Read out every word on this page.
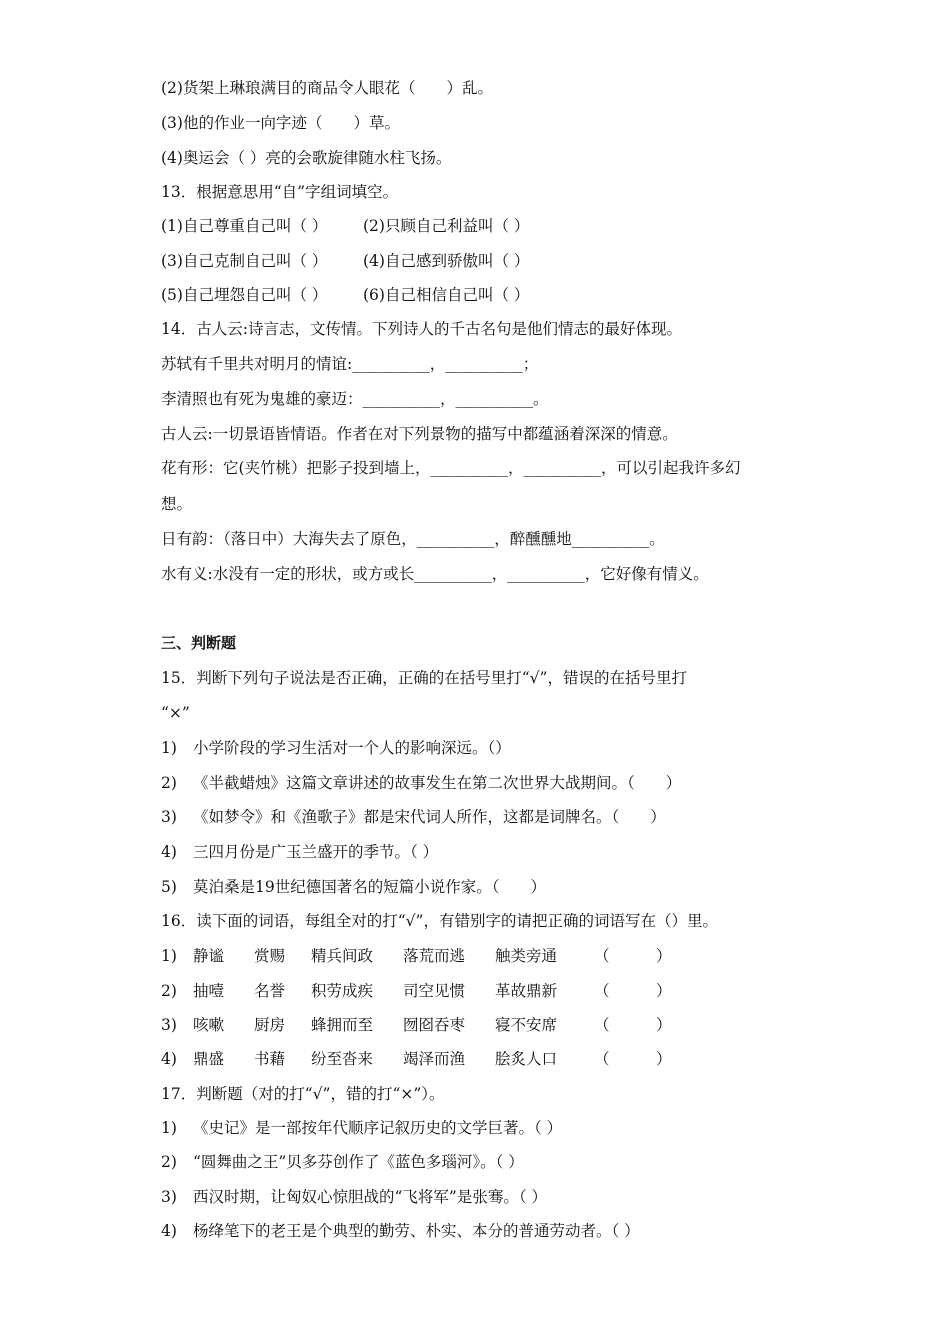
(2)货架上琳琅满目的商品令人眼花（　　）乱。
(3)他的作业一向字迹（　　）草。
(4)奥运会（ ）亮的会歌旋律随水柱飞扬。
13．根据意思用“自”字组词填空。
(1)自己尊重自己叫（ ） (2)只顾自己利益叫（ ）
(3)自己克制自己叫（ ） (4)自己感到骄傲叫（ ）
(5)自己埋怨自己叫（ ） (6)自己相信自己叫（ ）
14．古人云:诗言志，文传情。下列诗人的千古名句是他们情志的最好体现。
苏轼有千里共对明月的情谊:__________，__________；
李清照也有死为鬼雄的豪迈：__________，__________。
古人云:一切景语皆情语。作者在对下列景物的描写中都蕴涵着深深的情意。
花有形：它(夹竹桃）把影子投到墙上，__________，__________，可以引起我许多幻
想。
日有韵：（落日中）大海失去了原色，__________，醉醺醺地__________。
水有义:水没有一定的形状，或方或长__________，__________，它好像有情义。
三、判断题
15．判断下列句子说法是否正确，正确的在括号里打“√”，错误的在括号里打
“×”
1) 小学阶段的学习生活对一个人的影响深远。（）
2) 《半截蜡烛》这篇文章讲述的故事发生在第二次世界大战期间。（　　）
3) 《如梦令》和《渔歌子》都是宋代词人所作，这都是词牌名。（　　）
4) 三四月份是广玉兰盛开的季节。（ ）
5) 莫泊桑是19世纪德国著名的短篇小说作家。（　　）
16．读下面的词语，每组全对的打“√”，有错别字的请把正确的词语写在（）里。
1) 静谧 赏赐 精兵间政 落荒而逃 触类旁通 （　　　）
2) 抽噎 名誉 积劳成疾 司空见惯 革故鼎新 （　　　）
3) 咳嗽 厨房 蜂拥而至 囫囵吞枣 寝不安席 （　　　）
4) 鼎盛 书藉 纷至沓来 竭泽而渔 脍炙人口 （　　　）
17．判断题（对的打“√”，错的打“×”）。
1) 《史记》是一部按年代顺序记叙历史的文学巨著。（ ）
2) “圆舞曲之王”贝多芬创作了《蓝色多瑙河》。（ ）
3) 西汉时期，让匈奴心惊胆战的“飞将军”是张骞。（ ）
4) 杨绛笔下的老王是个典型的勤劳、朴实、本分的普通劳动者。（ ）
